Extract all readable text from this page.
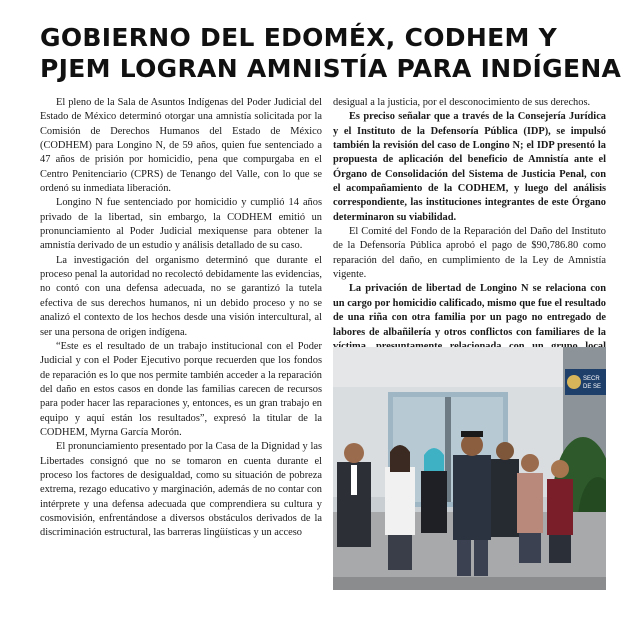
GOBIERNO DEL EDOMÉX, CODHEM Y
PJEM LOGRAN AMNISTÍA PARA INDÍGENA

El pleno de la Sala de Asuntos Indígenas del Poder Judicial del Estado de México determinó otorgar una amnistía solicitada por la Comisión de Derechos Humanos del Estado de México (CODHEM) para Longino N, de 59 años, quien fue sentenciado a 47 años de prisión por homicidio, pena que compurgaba en el Centro Penitenciario (CPRS) de Tenango del Valle, con lo que se ordenó su inmediata liberación.

Longino N fue sentenciado por homicidio y cumplió 14 años privado de la libertad, sin embargo, la CODHEM emitió un pronunciamiento al Poder Judicial mexiquense para obtener la amnistía derivado de un estudio y análisis detallado de su caso.

La investigación del organismo determinó que durante el proceso penal la autoridad no recolectó debidamente las evidencias, no contó con una defensa adecuada, no se garantizó la tutela efectiva de sus derechos humanos, ni un debido proceso y no se analizó el contexto de los hechos desde una visión intercultural, al ser una persona de origen indígena.

“Este es el resultado de un trabajo institucional con el Poder Judicial y con el Poder Ejecutivo porque recuerden que los fondos de reparación es lo que nos permite también acceder a la reparación del daño en estos casos en donde las familias carecen de recursos para poder hacer las reparaciones y, entonces, es un gran trabajo en equipo y aquí están los resultados”, expresó la titular de la CODHEM, Myrna García Morón.

El pronunciamiento presentado por la Casa de la Dignidad y las Libertades consignó que no se tomaron en cuenta durante el proceso los factores de desigualdad, como su situación de pobreza extrema, rezago educativo y marginación, además de no contar con intérprete y una defensa adecuada que comprendiera su cultura y cosmovisión, enfrentándose a diversos obstáculos derivados de la discriminación estructural, las barreras lingüísticas y un acceso

desigual a la justicia, por el desconocimiento de sus derechos.

Es preciso señalar que a través de la Consejería Jurídica y el Instituto de la Defensoría Pública (IDP), se impulsó también la revisión del caso de Longino N; el IDP presentó la propuesta de aplicación del beneficio de Amnistía ante el Órgano de Consolidación del Sistema de Justicia Penal, con el acompañamiento de la CODHEM, y luego del análisis correspondiente, las instituciones integrantes de este Órgano determinaron su viabilidad.

El Comité del Fondo de la Reparación del Daño del Instituto de la Defensoría Pública aprobó el pago de $90,786.80 como reparación del daño, en cumplimiento de la Ley de Amnistía vigente.

La privación de libertad de Longino N se relaciona con un cargo por homicidio calificado, mismo que fue el resultado de una riña con otra familia por un pago no entregado de labores de albañilería y otros conflictos con familiares de la

SECR
DE SE
